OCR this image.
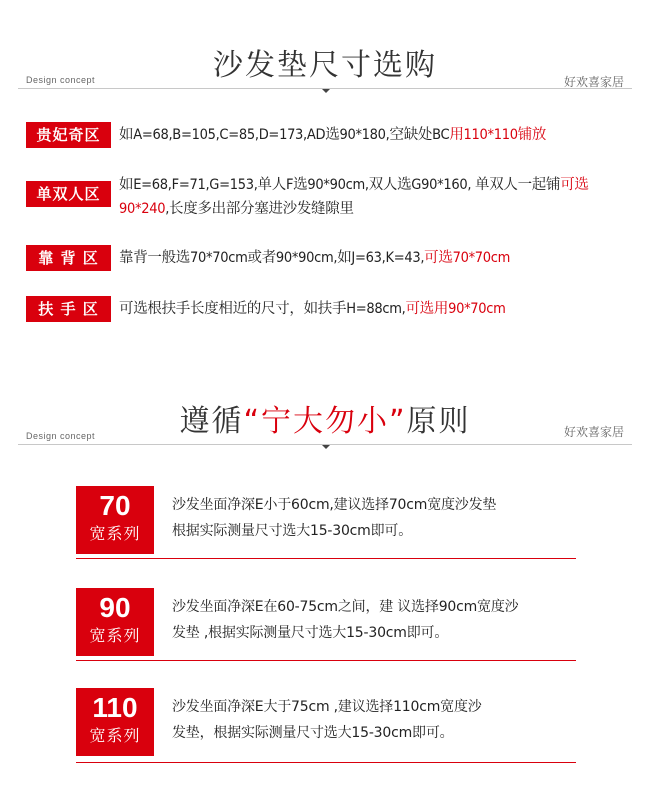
沙发垫尺寸选购
Design concept	好欢喜家居
贵妃奇区	如A=68,B=105,C=85,D=173,AD选90*180,空缺处BC用110*110铺放
单双人区	如E=68,F=71,G=153,单人F选90*90cm,双人选G90*160, 单双人一起铺可选90*240,长度多出部分塞进沙发缝隙里
靠 背 区	靠背一般选70*70cm或者90*90cm,如J=63,K=43,可选70*70cm
扶 手 区	可选根扶手长度相近的尺寸，如扶手H=88cm,可选用90*70cm
遵循“宁大勿小”原则
Design concept	好欢喜家居
70
宽系列
沙发坐面净深E小于60cm,建议选择70cm宽度沙发垫
根据实际测量尺寸选大15-30cm即可。
90
宽系列
沙发坐面净深E在60-75cm之间，建 议选择90cm宽度沙
发垫 ,根据实际测量尺寸选大15-30cm即可。
110
宽系列
沙发坐面净深E大于75cm ,建议选择110cm宽度沙
发垫，根据实际测量尺寸选大15-30cm即可。
